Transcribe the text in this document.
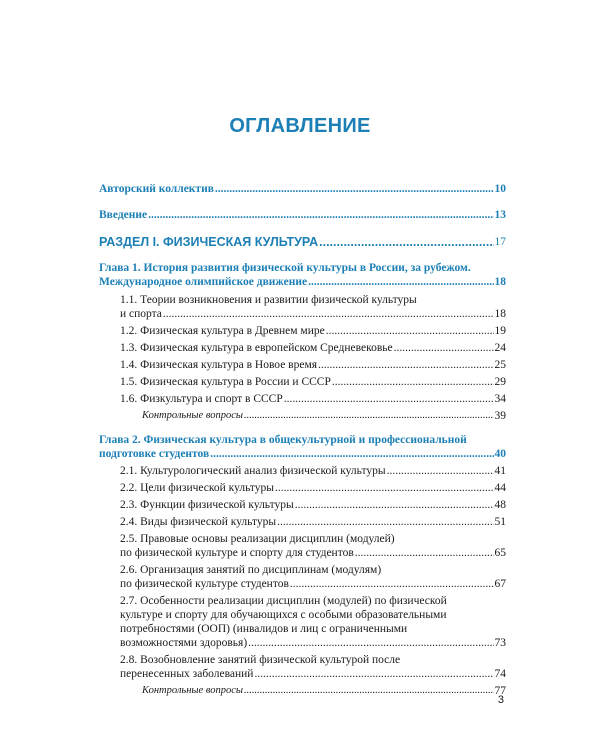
ОГЛАВЛЕНИЕ
Авторский коллектив .....	10
Введение .....	13
РАЗДЕЛ I. ФИЗИЧЕСКАЯ КУЛЬТУРА .....	17
Глава 1. История развития физической культуры в России, за рубежом.
Международное олимпийское движение .....	18
1.1. Теории возникновения и развитии физической культуры
и спорта .....	18
1.2. Физическая культура в Древнем мире .....	19
1.3. Физическая культура в европейском Средневековье .....	24
1.4. Физическая культура в Новое время .....	25
1.5. Физическая культура в России и СССР .....	29
1.6. Физкультура и спорт в СССР .....	34
Контрольные вопросы .....	39
Глава 2. Физическая культура в общекультурной и профессиональной
подготовке студентов .....	40
2.1. Культурологический анализ физической культуры .....	41
2.2. Цели физической культуры .....	44
2.3. Функции физической культуры .....	48
2.4. Виды физической культуры .....	51
2.5. Правовые основы реализации дисциплин (модулей)
по физической культуре и спорту для студентов .....	65
2.6. Организация занятий по дисциплинам (модулям)
по физической культуре студентов .....	67
2.7. Особенности реализации дисциплин (модулей) по физической
культуре и спорту для обучающихся с особыми образовательными
потребностями (ООП) (инвалидов и лиц с ограниченными
возможностями здоровья) .....	73
2.8. Возобновление занятий физической культурой после
перенесенных заболеваний .....	74
Контрольные вопросы .....	77
3
